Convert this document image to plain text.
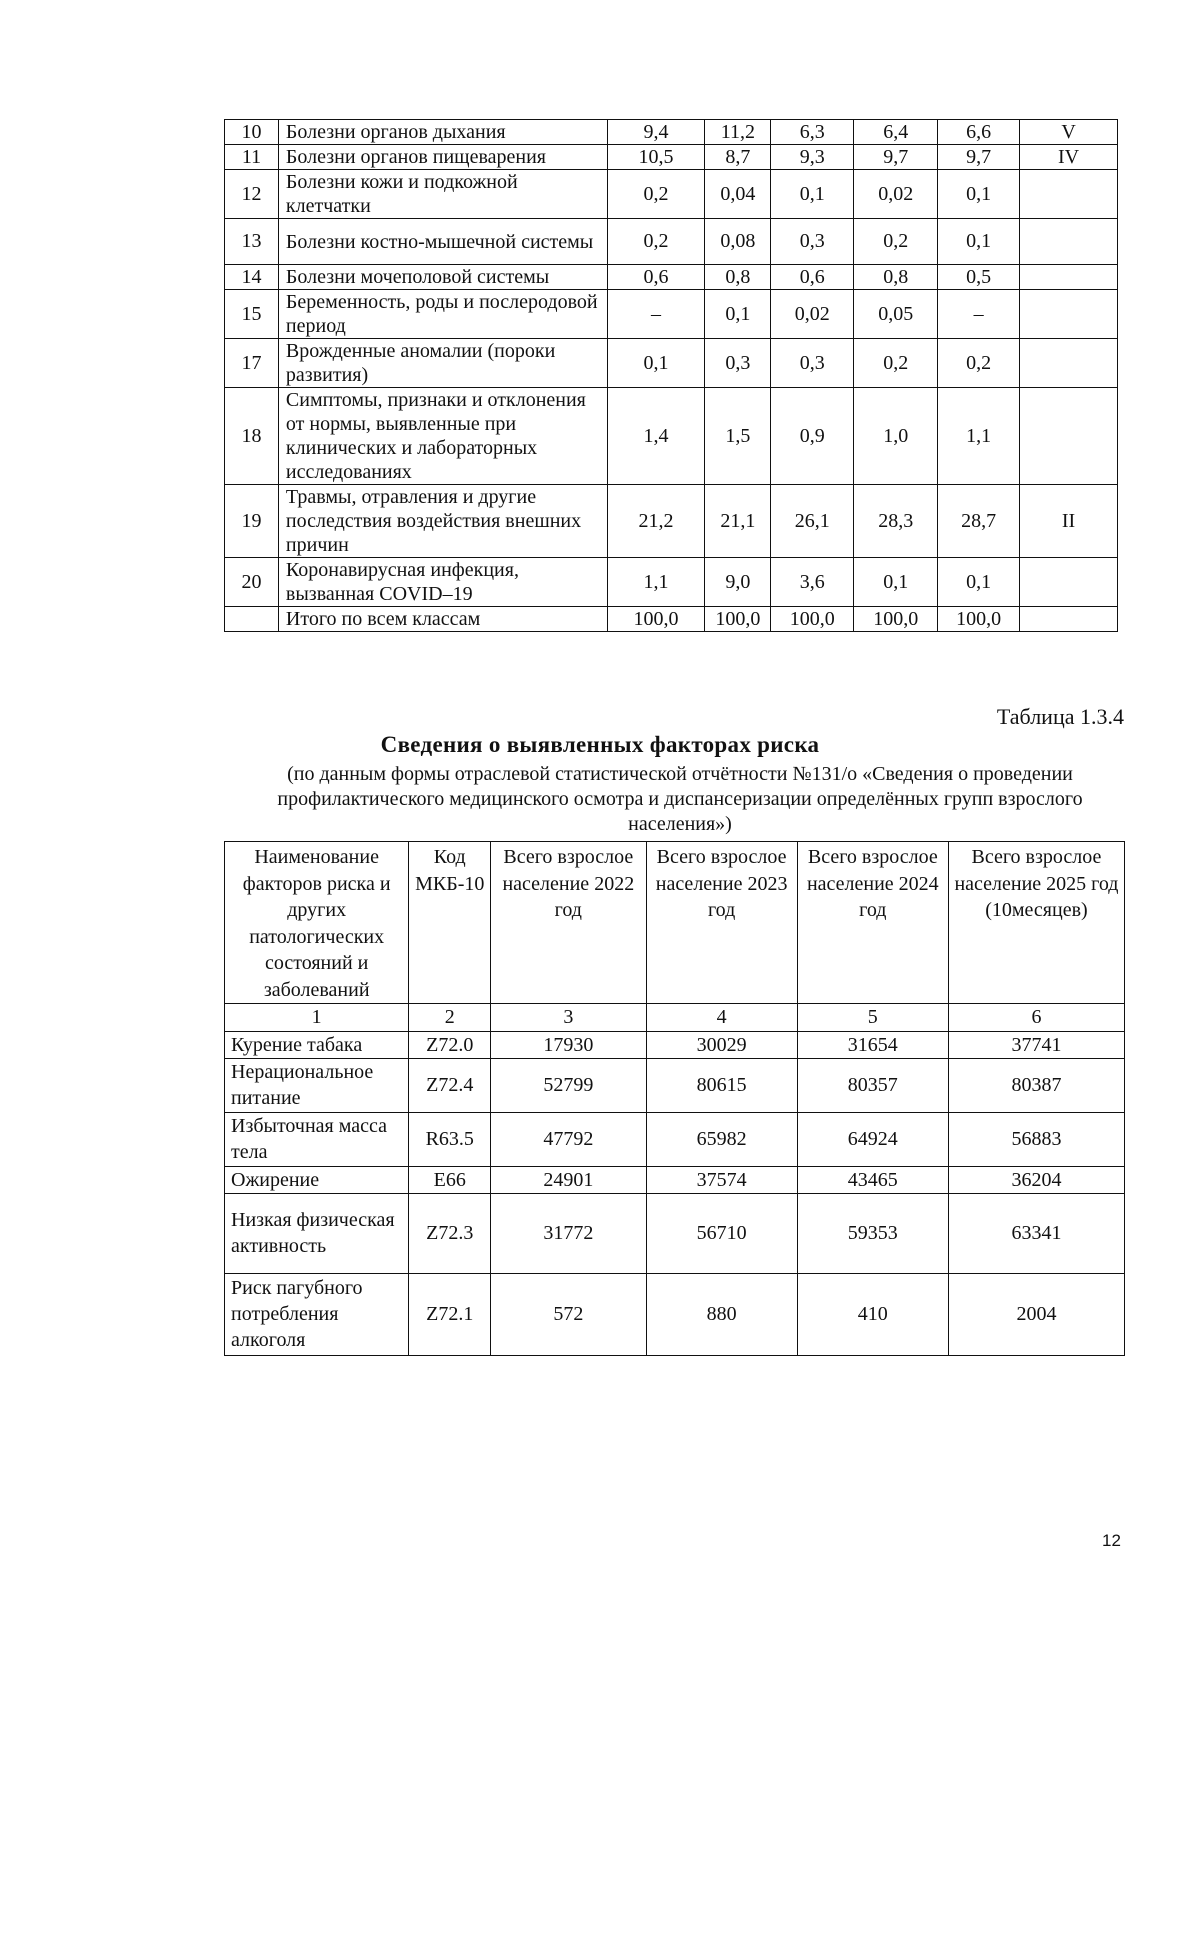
10	Болезни органов дыхания	9,4	11,2	6,3	6,4	6,6	V
11	Болезни органов пищеварения	10,5	8,7	9,3	9,7	9,7	IV
12	Болезни кожи и подкожной клетчатки	0,2	0,04	0,1	0,02	0,1	
13	Болезни костно-мышечной системы	0,2	0,08	0,3	0,2	0,1	
14	Болезни мочеполовой системы	0,6	0,8	0,6	0,8	0,5	
15	Беременность, роды и послеродовой период	–	0,1	0,02	0,05	–	
17	Врожденные аномалии (пороки развития)	0,1	0,3	0,3	0,2	0,2	
18	Симптомы, признаки и отклонения от нормы, выявленные при клинических и лабораторных исследованиях	1,4	1,5	0,9	1,0	1,1	
19	Травмы, отравления и другие последствия воздействия внешних причин	21,2	21,1	26,1	28,3	28,7	II
20	Коронавирусная инфекция, вызванная COVID–19	1,1	9,0	3,6	0,1	0,1	
	Итого по всем классам	100,0	100,0	100,0	100,0	100,0	
Таблица 1.3.4
Сведения о выявленных факторах риска
(по данным формы отраслевой статистической отчётности №131/о «Сведения о проведении профилактического медицинского осмотра и диспансеризации определённых групп взрослого населения»)
Наименование факторов риска и других патологических состояний и заболеваний	Код МКБ-10	Всего взрослое население 2022 год	Всего взрослое население 2023 год	Всего взрослое население 2024 год	Всего взрослое население 2025 год (10месяцев)
1	2	3	4	5	6
Курение табака	Z72.0	17930	30029	31654	37741
Нерациональное питание	Z72.4	52799	80615	80357	80387
Избыточная масса тела	R63.5	47792	65982	64924	56883
Ожирение	E66	24901	37574	43465	36204
Низкая физическая активность	Z72.3	31772	56710	59353	63341
Риск пагубного потребления алкоголя	Z72.1	572	880	410	2004
12
